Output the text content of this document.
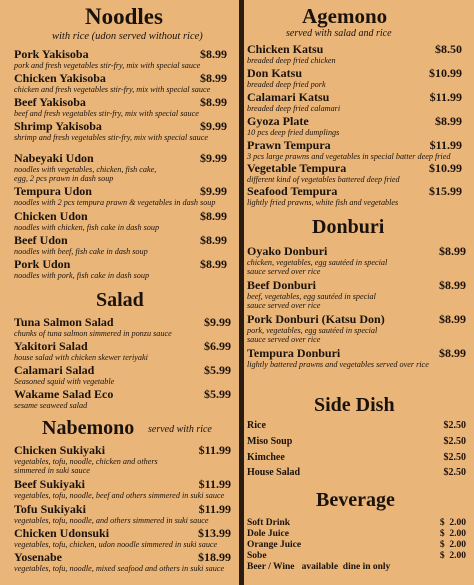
Noodles
with rice (udon served without rice)
Pork Yakisoba	$8.99
pork and fresh vegetables stir-fry, mix with special sauce
Chicken Yakisoba	$8.99
chicken and fresh vegetables stir-fry, mix with special sauce
Beef Yakisoba	$8.99
beef and fresh vegetables stir-fry, mix with special sauce
Shrimp Yakisoba	$9.99
shrimp and fresh vegetables stir-fry, mix with special sauce
Nabeyaki Udon	$9.99
noodles with vegetables, chicken, fish cake,
egg, 2 pcs prawn in dash soup
Tempura Udon	$9.99
noodles with 2 pcs tempura prawn & vegetables in dash soup
Chicken Udon	$8.99
noodles with chicken, fish cake in dash soup
Beef Udon	$8.99
noodles with beef, fish cake in dash soup
Pork Udon	$8.99
noodles with pork, fish cake in dash soup
Salad
Tuna Salmon Salad	$9.99
chunks of tuna salmon simmered in ponzu sauce
Yakitori Salad	$6.99
house salad with chicken skewer teriyaki
Calamari Salad	$5.99
Seasoned squid with vegetable
Wakame Salad Eco	$5.99
sesame seaweed salad
Nabemono served with rice
Chicken Sukiyaki	$11.99
vegetables, tofu, noodle, chicken and others
simmered in suki sauce
Beef Sukiyaki	$11.99
vegetables, tofu, noodle, beef and others simmered in suki sauce
Tofu Sukiyaki	$11.99
vegetables, tofu, noodle, and others simmered in suki sauce
Chicken Udonsuki	$13.99
vegetables, tofu, chicken, udon noodle simmered in suki sauce
Yosenabe	$18.99
vegetables, tofu, noodle, mixed seafood and others in suki sauce
Agemono
served with salad and rice
Chicken Katsu	$8.50
breaded deep fried chicken
Don Katsu	$10.99
breaded deep fried pork
Calamari Katsu	$11.99
breaded deep fried calamari
Gyoza Plate	$8.99
10 pcs deep fried dumplings
Prawn Tempura	$11.99
3 pcs large prawns and vegetables in special batter deep fried
Vegetable Tempura	$10.99
different kind of vegetables battered deep fried
Seafood Tempura	$15.99
lightly fried prawns, white fish and vegetables
Donburi
Oyako Donburi	$8.99
chicken, vegetables, egg sautéed in special
sauce served over rice
Beef Donburi	$8.99
beef, vegetables, egg sautéed in special
sauce served over rice
Pork Donburi (Katsu Don)	$8.99
pork, vegetables, egg sautéed in special
sauce served over rice
Tempura Donburi	$8.99
lightly battered prawns and vegetables served over rice
Side Dish
Rice	$2.50
Miso Soup	$2.50
Kimchee	$2.50
House Salad	$2.50
Beverage
Soft Drink	$  2.00
Dole Juice	$  2.00
Orange Juice	$  2.00
Sobe	$  2.00
Beer / Wine   available  dine in only
